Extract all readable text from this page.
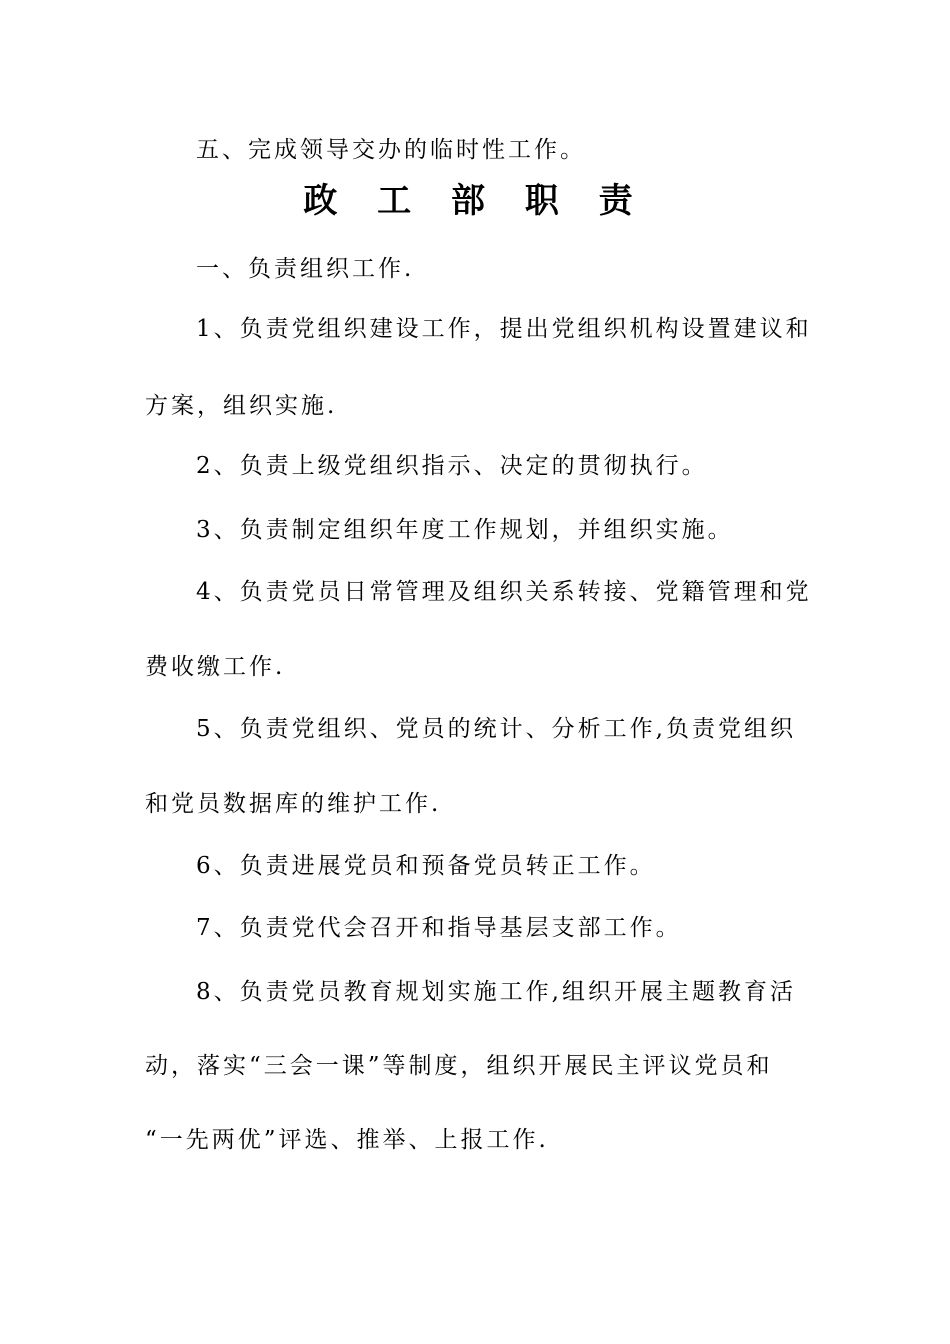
五、完成领导交办的临时性工作。
政 工 部 职 责
一、负责组织工作.
1、负责党组织建设工作，提出党组织机构设置建议和
方案，组织实施.
2、负责上级党组织指示、决定的贯彻执行。
3、负责制定组织年度工作规划，并组织实施。
4、负责党员日常管理及组织关系转接、党籍管理和党
费收缴工作.
5、负责党组织、党员的统计、分析工作,负责党组织
和党员数据库的维护工作.
6、负责进展党员和预备党员转正工作。
7、负责党代会召开和指导基层支部工作。
8、负责党员教育规划实施工作,组织开展主题教育活
动，落实“三会一课”等制度，组织开展民主评议党员和
“一先两优”评选、推举、上报工作.
